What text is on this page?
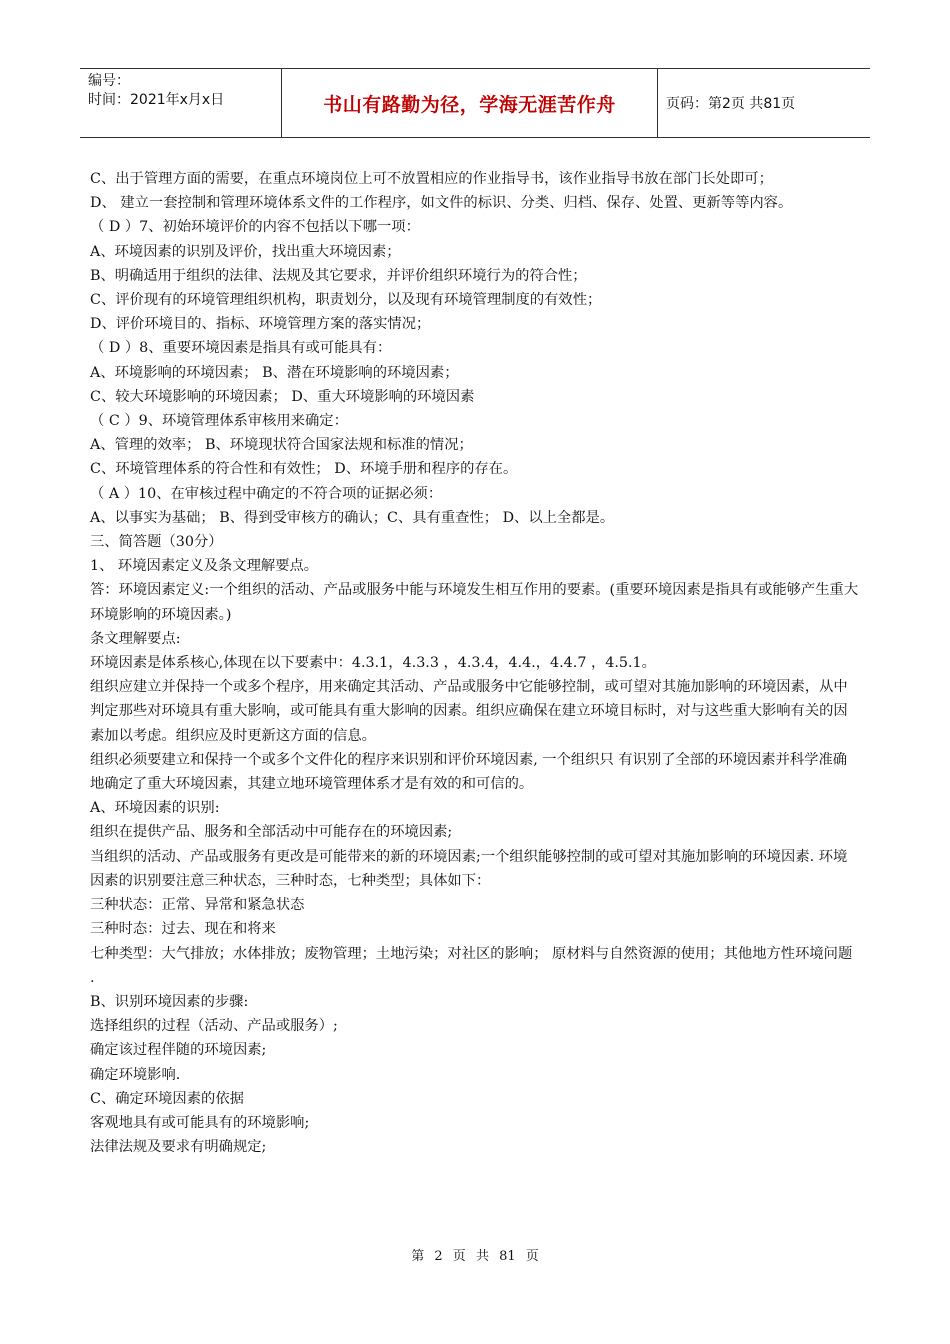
编号：
时间：2021年x月x日	书山有路勤为径，学海无涯苦作舟	页码：第2页 共81页

C、出于管理方面的需要，在重点环境岗位上可不放置相应的作业指导书，该作业指导书放在部门长处即可；

D、 建立一套控制和管理环境体系文件的工作程序，如文件的标识、分类、归档、保存、处置、更新等等内容。

（ D ）7、初始环境评价的内容不包括以下哪一项：

A、环境因素的识别及评价，找出重大环境因素；

B、明确适用于组织的法律、法规及其它要求，并评价组织环境行为的符合性；

C、评价现有的环境管理组织机构，职责划分，以及现有环境管理制度的有效性；

D、评价环境目的、指标、环境管理方案的落实情况；

（ D ）8、重要环境因素是指具有或可能具有：

A、环境影响的环境因素； B、潜在环境影响的环境因素；

C、较大环境影响的环境因素； D、重大环境影响的环境因素

（ C ）9、环境管理体系审核用来确定：

A、管理的效率； B、环境现状符合国家法规和标准的情况；

C、环境管理体系的符合性和有效性； D、环境手册和程序的存在。

（ A ）10、在审核过程中确定的不符合项的证据必须：

A、以事实为基础； B、得到受审核方的确认；C、具有重查性； D、以上全都是。

三、简答题（30分）

1、 环境因素定义及条文理解要点。

答：环境因素定义:一个组织的活动、产品或服务中能与环境发生相互作用的要素。(重要环境因素是指具有或能够产生重大环境影响的环境因素。)

条文理解要点:

环境因素是体系核心,体现在以下要素中：4.3.1，4.3.3 ，4.3.4，4.4.，4.4.7 ，4.5.1。

组织应建立并保持一个或多个程序，用来确定其活动、产品或服务中它能够控制，或可望对其施加影响的环境因素，从中判定那些对环境具有重大影响，或可能具有重大影响的因素。组织应确保在建立环境目标时，对与这些重大影响有关的因素加以考虑。组织应及时更新这方面的信息。

组织必须要建立和保持一个或多个文件化的程序来识别和评价环境因素, 一个组织只 有识别了全部的环境因素并科学准确地确定了重大环境因素，其建立地环境管理体系才是有效的和可信的。

A、环境因素的识别:

组织在提供产品、服务和全部活动中可能存在的环境因素;

当组织的活动、产品或服务有更改是可能带来的新的环境因素;一个组织能够控制的或可望对其施加影响的环境因素. 环境因素的识别要注意三种状态，三种时态，七种类型；具体如下：

三种状态：正常、异常和紧急状态

三种时态：过去、现在和将来

七种类型：大气排放；水体排放；废物管理；土地污染；对社区的影响； 原材料与自然资源的使用；其他地方性环境问题 .

B、识别环境因素的步骤:

选择组织的过程（活动、产品或服务）;

确定该过程伴随的环境因素;

确定环境影响.

C、确定环境因素的依据

客观地具有或可能具有的环境影响;

法律法规及要求有明确规定;

第 2 页 共 81 页
